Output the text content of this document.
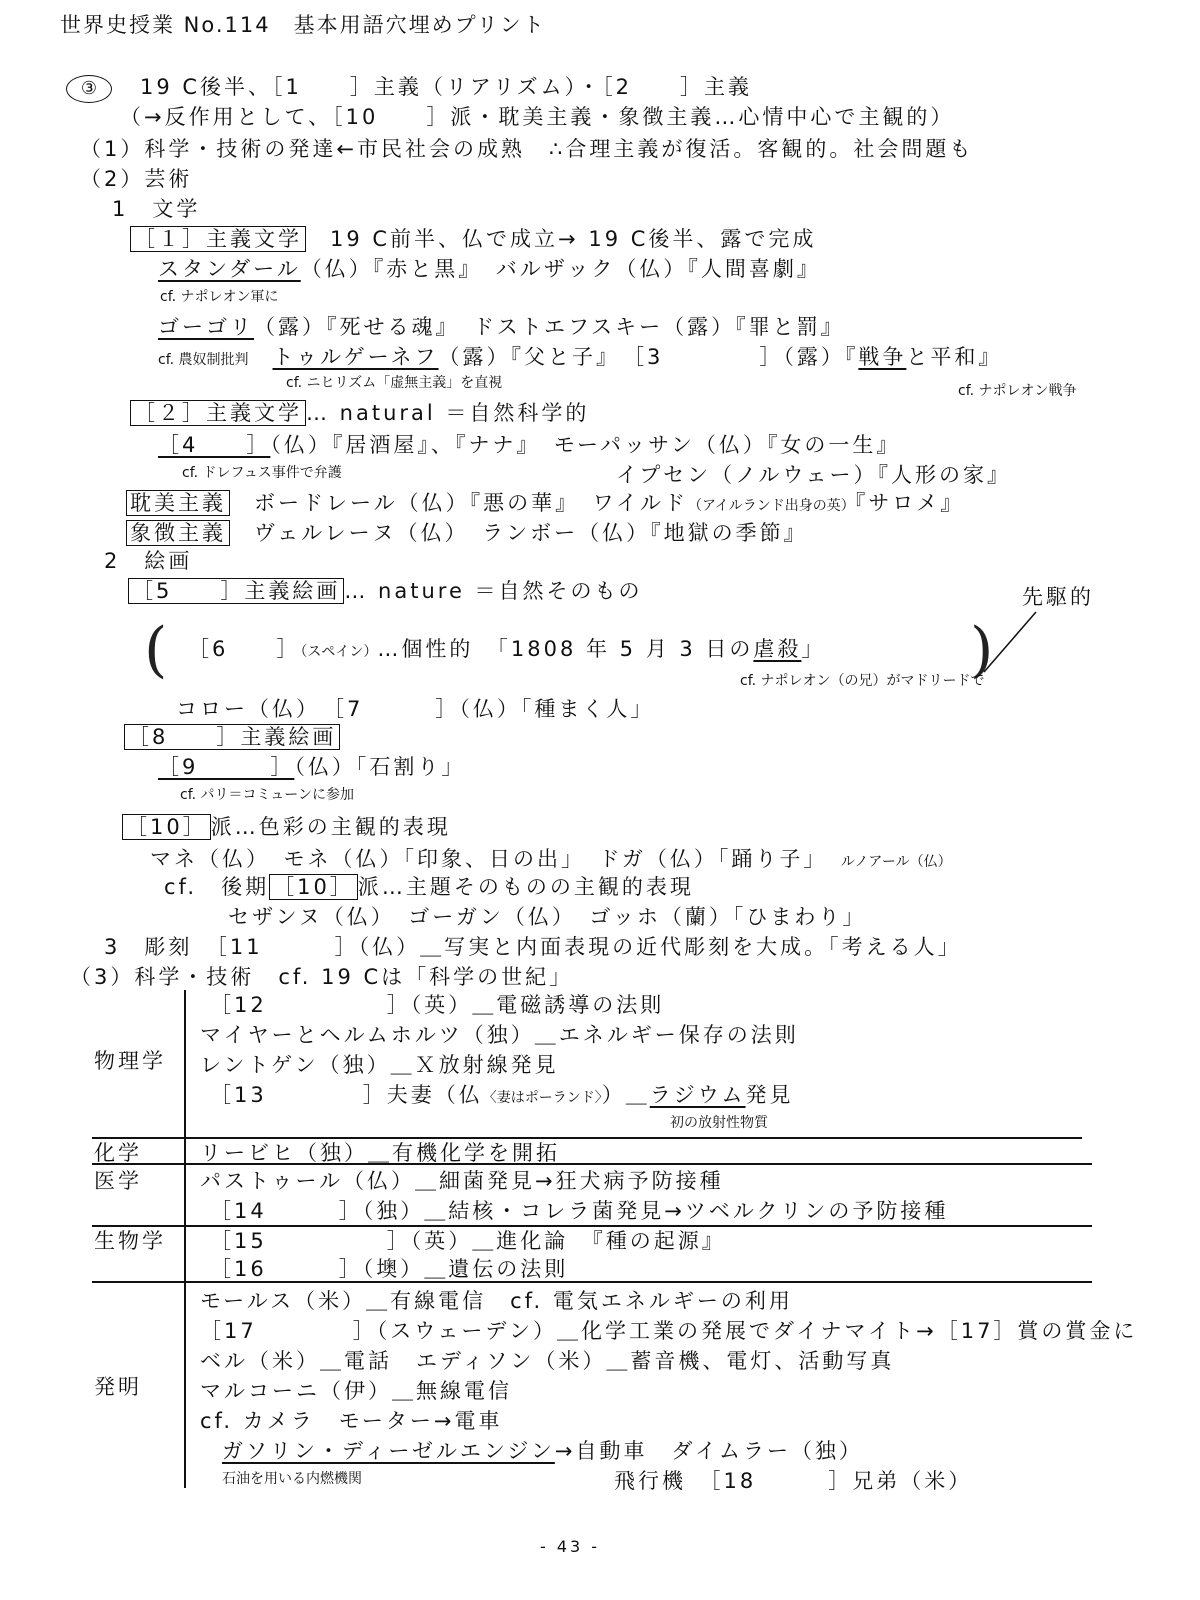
世界史授業 No.114　基本用語穴埋めプリント
③ 19 C後半、［1　　］主義（リアリズム）・［2　　］主義
（→反作用として、［10　　］派・耽美主義・象徴主義…心情中心で主観的）
（1）科学・技術の発達←市民社会の成熟　∴合理主義が復活。客観的。社会問題も
（2）芸術
1　文学
［１］主義文学　 19 C前半、仏で成立→ 19 C後半、露で完成
スタンダール（仏）『赤と黒』　バルザック（仏）『人間喜劇』
cf. ナポレオン軍に
ゴーゴリ（露）『死せる魂』　ドストエフスキー（露）『罪と罰』
cf. 農奴制批判　 トゥルゲーネフ（露）『父と子』　［3　　　　］（露）『戦争と平和』
cf. ニヒリズム「虚無主義」を直視	cf. ナポレオン戦争
［２］主義文学 … natural ＝自然科学的
［4　　］（仏）『居酒屋』、『ナナ』　モーパッサン（仏）『女の一生』
cf. ドレフュス事件で弁護	イプセン（ノルウェー）『人形の家』
耽美主義　 ボードレール（仏）『悪の華』　ワイルド（アイルランド出身の英）『サロメ』
象徴主義　 ヴェルレーヌ（仏）　ランボー（仏）『地獄の季節』
2　絵画
［5　　］主義絵画 … nature ＝自然そのもの	先駆的
(	)
［6　　］（スペイン）…個性的　「1808 年 5 月 3 日の虐殺」
cf. ナポレオン（の兄）がマドリードで
コロー（仏）　［7　　　］（仏）「種まく人」
［8　　］主義絵画
［9　　　］（仏）「石割り」
cf. パリ＝コミューンに参加
［10］ 派…色彩の主観的表現
マネ（仏）　モネ（仏）「印象、日の出」　ドガ（仏）「踊り子」　 ルノアール（仏）
cf.　後期 ［10］ 派…主題そのものの主観的表現
セザンヌ（仏）　ゴーガン（仏）　ゴッホ（蘭）「ひまわり」
3　彫刻　［11　　　］（仏）＿写実と内面表現の近代彫刻を大成。「考える人」
（3）科学・技術　cf. 19 Cは「科学の世紀」
物理学
［12　　　　　］（英）＿電磁誘導の法則
マイヤーとヘルムホルツ（独）＿エネルギー保存の法則
レントゲン（独）＿Ｘ放射線発見
［13　　　　］夫妻（仏〈妻はポーランド〉）＿ラジウム発見
初の放射性物質
化学	リービヒ（独）＿有機化学を開拓
医学	パストゥール（仏）＿細菌発見→狂犬病予防接種
［14　　　］（独）＿結核・コレラ菌発見→ツベルクリンの予防接種
生物学 ［15　　　　　］（英）＿進化論　『種の起源』
［16　　　］（墺）＿遺伝の法則
発明
モールス（米）＿有線電信　cf. 電気エネルギーの利用
［17　　　　］（スウェーデン）＿化学工業の発展でダイナマイト→［17］賞の賞金に
ベル（米）＿電話　エディソン（米）＿蓄音機、電灯、活動写真
マルコーニ（伊）＿無線電信
cf. カメラ　モーター→電車
ガソリン・ディーゼルエンジン→自動車　ダイムラー（独）
石油を用いる内燃機関	飛行機　［18　　　］兄弟（米）
- 43 -
